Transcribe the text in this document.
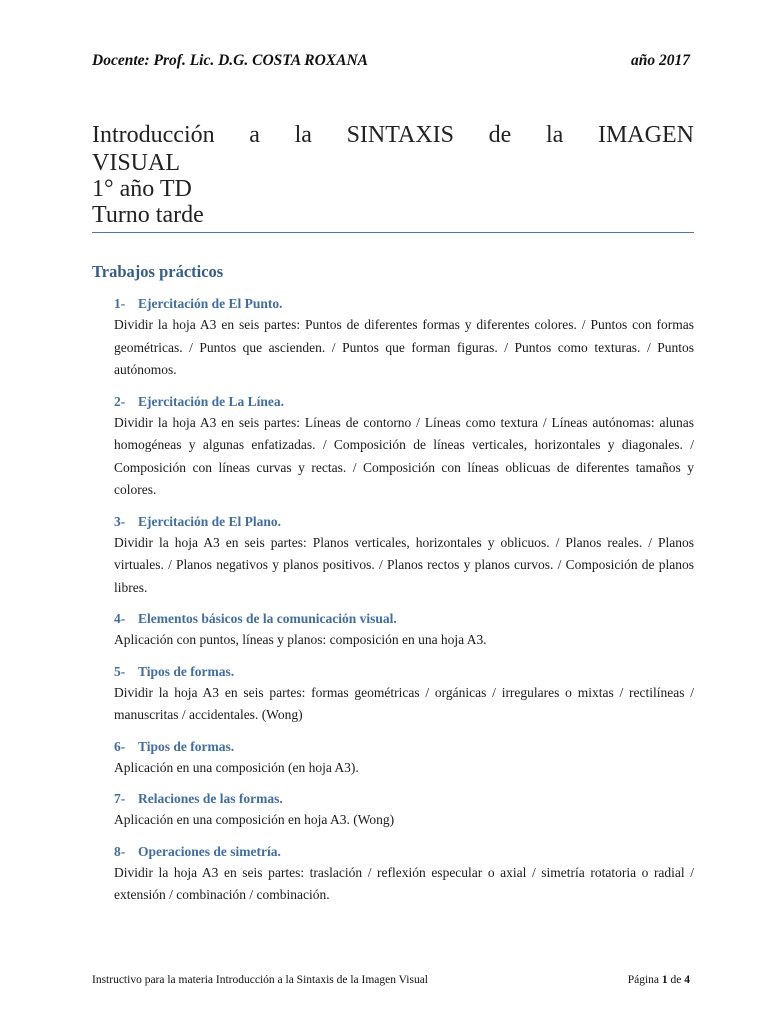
Docente: Prof. Lic. D.G. COSTA ROXANA	año 2017
Introducción a la SINTAXIS de la IMAGEN
VISUAL
1° año TD
Turno tarde
Trabajos prácticos
1- Ejercitación de El Punto.
Dividir la hoja A3 en seis partes: Puntos de diferentes formas y diferentes colores. / Puntos con formas geométricas. / Puntos que ascienden. / Puntos que forman figuras. / Puntos como texturas. / Puntos autónomos.
2- Ejercitación de La Línea.
Dividir la hoja A3 en seis partes: Líneas de contorno / Líneas como textura / Líneas autónomas: alunas homogéneas y algunas enfatizadas. / Composición de líneas verticales, horizontales y diagonales. / Composición con líneas curvas y rectas. / Composición con líneas oblicuas de diferentes tamaños y colores.
3- Ejercitación de El Plano.
Dividir la hoja A3 en seis partes: Planos verticales, horizontales y oblicuos. / Planos reales. / Planos virtuales. / Planos negativos y planos positivos. / Planos rectos y planos curvos. / Composición de planos libres.
4- Elementos básicos de la comunicación visual.
Aplicación con puntos, líneas y planos: composición en una hoja A3.
5- Tipos de formas.
Dividir la hoja A3 en seis partes: formas geométricas / orgánicas / irregulares o mixtas / rectilíneas / manuscritas / accidentales. (Wong)
6- Tipos de formas.
Aplicación en una composición (en hoja A3).
7- Relaciones de las formas.
Aplicación en una composición en hoja A3. (Wong)
8- Operaciones de simetría.
Dividir la hoja A3 en seis partes: traslación / reflexión especular o axial / simetría rotatoria o radial / extensión / combinación / combinación.
Instructivo para la materia Introducción a la Sintaxis de la Imagen Visual	Página 1 de 4
